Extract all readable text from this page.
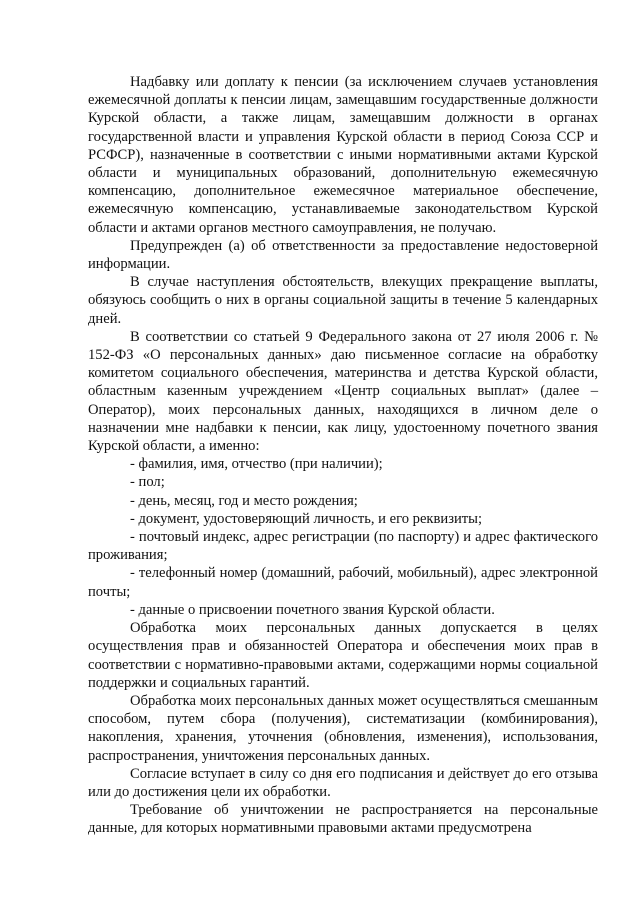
Надбавку или доплату к пенсии (за исключением случаев установления ежемесячной доплаты к пенсии лицам, замещавшим государственные должности Курской области, а также лицам, замещавшим должности в органах государственной власти и управления Курской области в период Союза ССР и РСФСР), назначенные в соответствии с иными нормативными актами Курской области и муниципальных образований, дополнительную ежемесячную компенсацию, дополнительное ежемесячное материальное обеспечение, ежемесячную компенсацию, устанавливаемые законодательством Курской области и актами органов местного самоуправления, не получаю.

Предупрежден (а) об ответственности за предоставление недостоверной информации.

В случае наступления обстоятельств, влекущих прекращение выплаты, обязуюсь сообщить о них в органы социальной защиты в течение 5 календарных дней.

В соответствии со статьей 9 Федерального закона от 27 июля 2006 г. № 152-ФЗ «О персональных данных» даю письменное согласие на обработку комитетом социального обеспечения, материнства и детства Курской области, областным казенным учреждением «Центр социальных выплат» (далее – Оператор), моих персональных данных, находящихся в личном деле о назначении мне надбавки к пенсии, как лицу, удостоенному почетного звания Курской области, а именно:

- фамилия, имя, отчество (при наличии);

- пол;

- день, месяц, год и место рождения;

- документ, удостоверяющий личность, и его реквизиты;

- почтовый индекс, адрес регистрации (по паспорту) и адрес фактического проживания;

- телефонный номер (домашний, рабочий, мобильный), адрес электронной почты;

- данные о присвоении почетного звания Курской области.

Обработка моих персональных данных допускается в целях осуществления прав и обязанностей Оператора и обеспечения моих прав в соответствии с нормативно-правовыми актами, содержащими нормы социальной поддержки и социальных гарантий.

Обработка моих персональных данных может осуществляться смешанным способом, путем сбора (получения), систематизации (комбинирования), накопления, хранения, уточнения (обновления, изменения), использования, распространения, уничтожения персональных данных.

Согласие вступает в силу со дня его подписания и действует до его отзыва или до достижения цели их обработки.

Требование об уничтожении не распространяется на персональные данные, для которых нормативными правовыми актами предусмотрена
